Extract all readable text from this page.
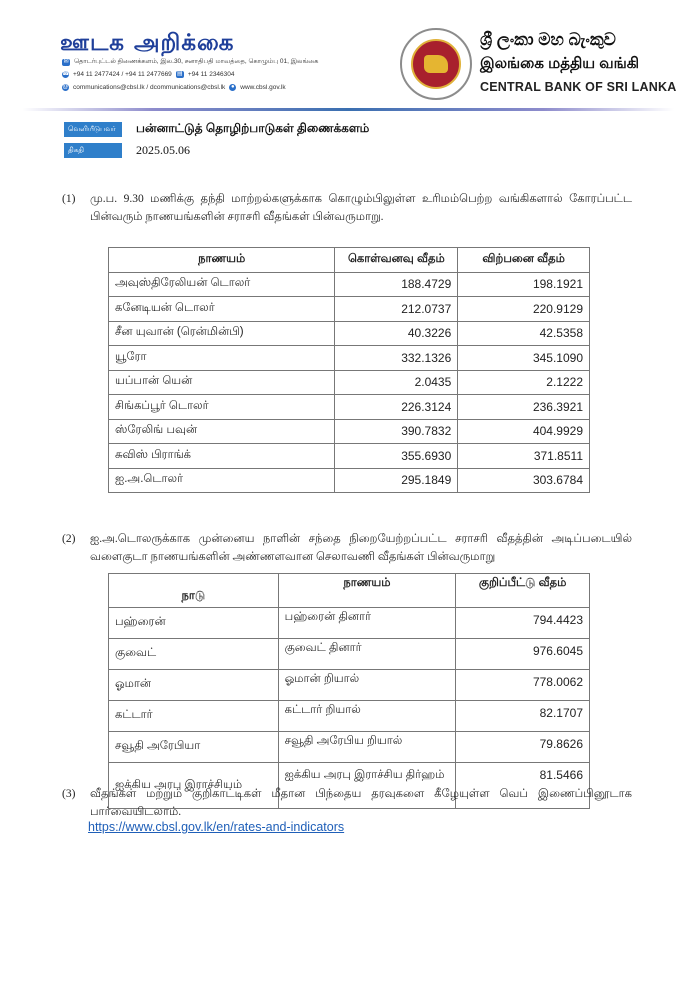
ஊடக அறிக்கை
✉ தொடர்புட்டல் திணைக்களம், இல.30, சனாதிபதி மாவத்தை, கொழும்பு 01, இலங்கை
☎ +94 11 2477424 / +94 11 2477669 ▤ +94 11 2346304
@ communications@cbsl.lk / dcommunications@cbsl.lk ● www.cbsl.gov.lk
ශ්‍රී ලංකා මහ බැංකුව
இலங்கை மத்திய வங்கி
CENTRAL BANK OF SRI LANKA
வெளியீடுபவர்	பன்னாட்டுத் தொழிற்பாடுகள் திணைக்களம்
திகதி	2025.05.06
(1) மு.ப. 9.30 மணிக்கு தந்தி மாற்றல்களுக்காக கொழும்பிலுள்ள உரிமம்பெற்ற வங்கிகளால் கோரப்பட்ட பின்வரும் நாணயங்களின் சராசரி வீதங்கள் பின்வருமாறு.
நாணயம்	கொள்வனவு வீதம்	விற்பனை வீதம்
அவுஸ்திரேலியன் டொலர்	188.4729	198.1921
கனேடியன் டொலர்	212.0737	220.9129
சீன யுவான் (ரென்மின்பி)	40.3226	42.5358
யூரோ	332.1326	345.1090
யப்பான் யென்	2.0435	2.1222
சிங்கப்பூர் டொலர்	226.3124	236.3921
ஸ்ரேலிங் பவுன்	390.7832	404.9929
சுவிஸ் பிராங்க்	355.6930	371.8511
ஐ.அ.டொலர்	295.1849	303.6784
(2) ஐ.அ.டொலருக்காக முன்னைய நாளின் சந்தை நிறையேற்றப்பட்ட சராசரி வீதத்தின் அடிப்படையில் வளைகுடா நாணயங்களின் அண்ணளவான செலாவணி வீதங்கள் பின்வருமாறு
நாடு	நாணயம்	குறிப்பீட்டு வீதம்
பஹ்ரைன்	பஹ்ரைன் தினார்	794.4423
குவைட்	குவைட் தினார்	976.6045
ஓமான்	ஓமான் றியால்	778.0062
கட்டார்	கட்டார் றியால்	82.1707
சவூதி அரேபியா	சவூதி அரேபிய றியால்	79.8626
ஐக்கிய அரபு இராச்சியம்	ஐக்கிய அரபு இராச்சிய திர்ஹம்	81.5466
(3) வீதங்கள் மற்றும் குறிகாட்டிகள் மீதான பிந்தைய தரவுகளை கீழேயுள்ள வெப் இணைப்பினூடாக பார்வையிடலாம்.
https://www.cbsl.gov.lk/en/rates-and-indicators
